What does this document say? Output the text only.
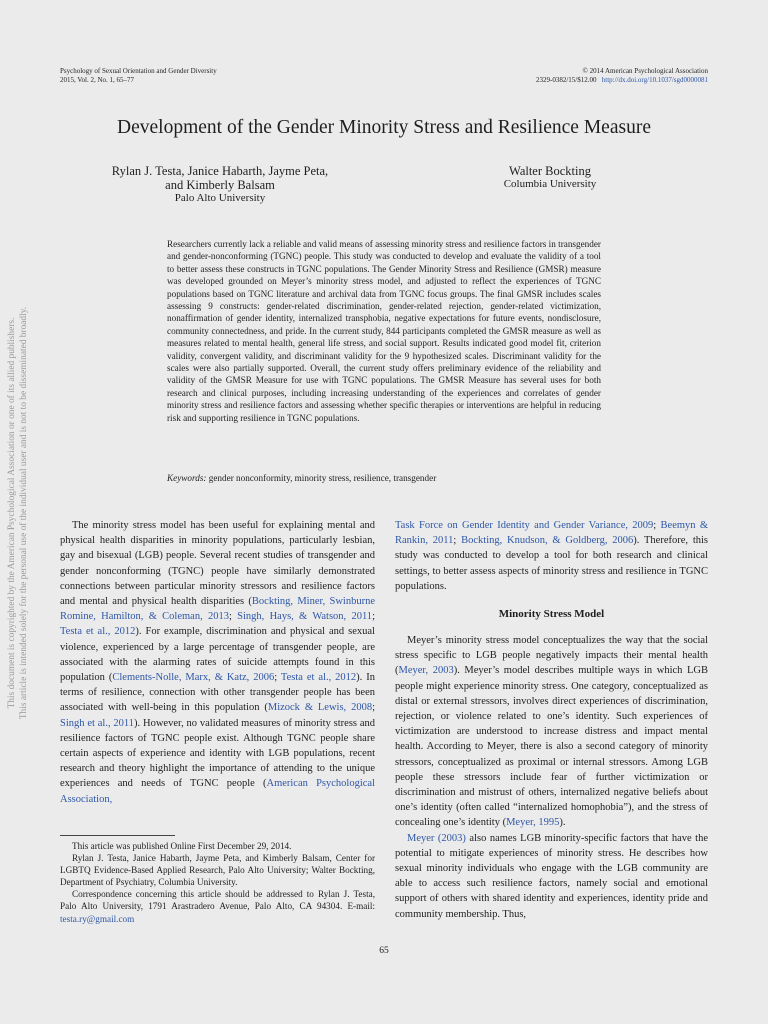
Psychology of Sexual Orientation and Gender Diversity
2015, Vol. 2, No. 1, 65–77
© 2014 American Psychological Association
2329-0382/15/$12.00 http://dx.doi.org/10.1037/sgd0000081
Development of the Gender Minority Stress and Resilience Measure
Rylan J. Testa, Janice Habarth, Jayme Peta,
and Kimberly Balsam
Palo Alto University
Walter Bockting
Columbia University

Researchers currently lack a reliable and valid means of assessing minority stress and resilience factors in transgender and gender-nonconforming (TGNC) people. This study was conducted to develop and evaluate the validity of a tool to better assess these constructs in TGNC populations. The Gender Minority Stress and Resilience (GMSR) measure was developed grounded on Meyer’s minority stress model, and adjusted to reflect the experiences of TGNC populations based on TGNC literature and archival data from TGNC focus groups. The final GMSR includes scales assessing 9 constructs: gender-related discrimination, gender-related rejection, gender-related victimization, nonaffirmation of gender identity, internalized transphobia, negative expectations for future events, nondisclosure, community connectedness, and pride. In the current study, 844 participants completed the GMSR measure as well as measures related to mental health, general life stress, and social support. Results indicated good model fit, criterion validity, convergent validity, and discriminant validity for the 9 hypothesized scales. Discriminant validity for the scales were also partially supported. Overall, the current study offers preliminary evidence of the reliability and validity of the GMSR Measure for use with TGNC populations. The GMSR Measure has several uses for both research and clinical purposes, including increasing understanding of the experiences and correlates of gender minority stress and resilience factors and assessing whether specific therapies or interventions are helpful in reducing risk and supporting resilience in TGNC populations.

Keywords: gender nonconformity, minority stress, resilience, transgender

The minority stress model has been useful for explaining mental and physical health disparities in minority populations, particularly lesbian, gay and bisexual (LGB) people. Several recent studies of transgender and gender nonconforming (TGNC) people have similarly demonstrated connections between particular minority stressors and resilience factors and mental and physical health disparities (Bockting, Miner, Swinburne Romine, Hamilton, & Coleman, 2013; Singh, Hays, & Watson, 2011; Testa et al., 2012). For example, discrimination and physical and sexual violence, experienced by a large percentage of transgender people, are associated with the alarming rates of suicide attempts found in this population (Clements-Nolle, Marx, & Katz, 2006; Testa et al., 2012). In terms of resilience, connection with other transgender people has been associated with well-being in this population (Mizock & Lewis, 2008; Singh et al., 2011). However, no validated measures of minority stress and resilience factors of TGNC people exist. Although TGNC people share certain aspects of experience and identity with LGB populations, recent research and theory highlight the importance of attending to the unique experiences and needs of TGNC people (American Psychological Association,

This article was published Online First December 29, 2014.

Rylan J. Testa, Janice Habarth, Jayme Peta, and Kimberly Balsam, Center for LGBTQ Evidence-Based Applied Research, Palo Alto University; Walter Bockting, Department of Psychiatry, Columbia University.

Correspondence concerning this article should be addressed to Rylan J. Testa, Palo Alto University, 1791 Arastradero Avenue, Palo Alto, CA 94304. E-mail: testa.ry@gmail.com

Task Force on Gender Identity and Gender Variance, 2009; Beemyn & Rankin, 2011; Bockting, Knudson, & Goldberg, 2006). Therefore, this study was conducted to develop a tool for both research and clinical settings, to better assess aspects of minority stress and resilience in TGNC populations.

Minority Stress Model

Meyer’s minority stress model conceptualizes the way that the social stress specific to LGB people negatively impacts their mental health (Meyer, 2003). Meyer’s model describes multiple ways in which LGB people might experience minority stress. One category, conceptualized as distal or external stressors, involves direct experiences of discrimination, rejection, or violence related to one’s identity. Such experiences of victimization are understood to increase distress and impact mental health. According to Meyer, there is also a second category of minority stressors, conceptualized as proximal or internal stressors. Among LGB people these stressors include fear of further victimization or discrimination and mistrust of others, internalized negative beliefs about one’s identity (often called “internalized homophobia”), and the stress of concealing one’s identity (Meyer, 1995).

Meyer (2003) also names LGB minority-specific factors that have the potential to mitigate experiences of minority stress. He describes how sexual minority individuals who engage with the LGB community are able to access such resilience factors, namely social and emotional support of others with shared identity and experiences, identity pride and community membership. Thus,

65
This document is copyrighted by the American Psychological Association or one of its allied publishers. This article is intended solely for the personal use of the individual user and is not to be disseminated broadly.
